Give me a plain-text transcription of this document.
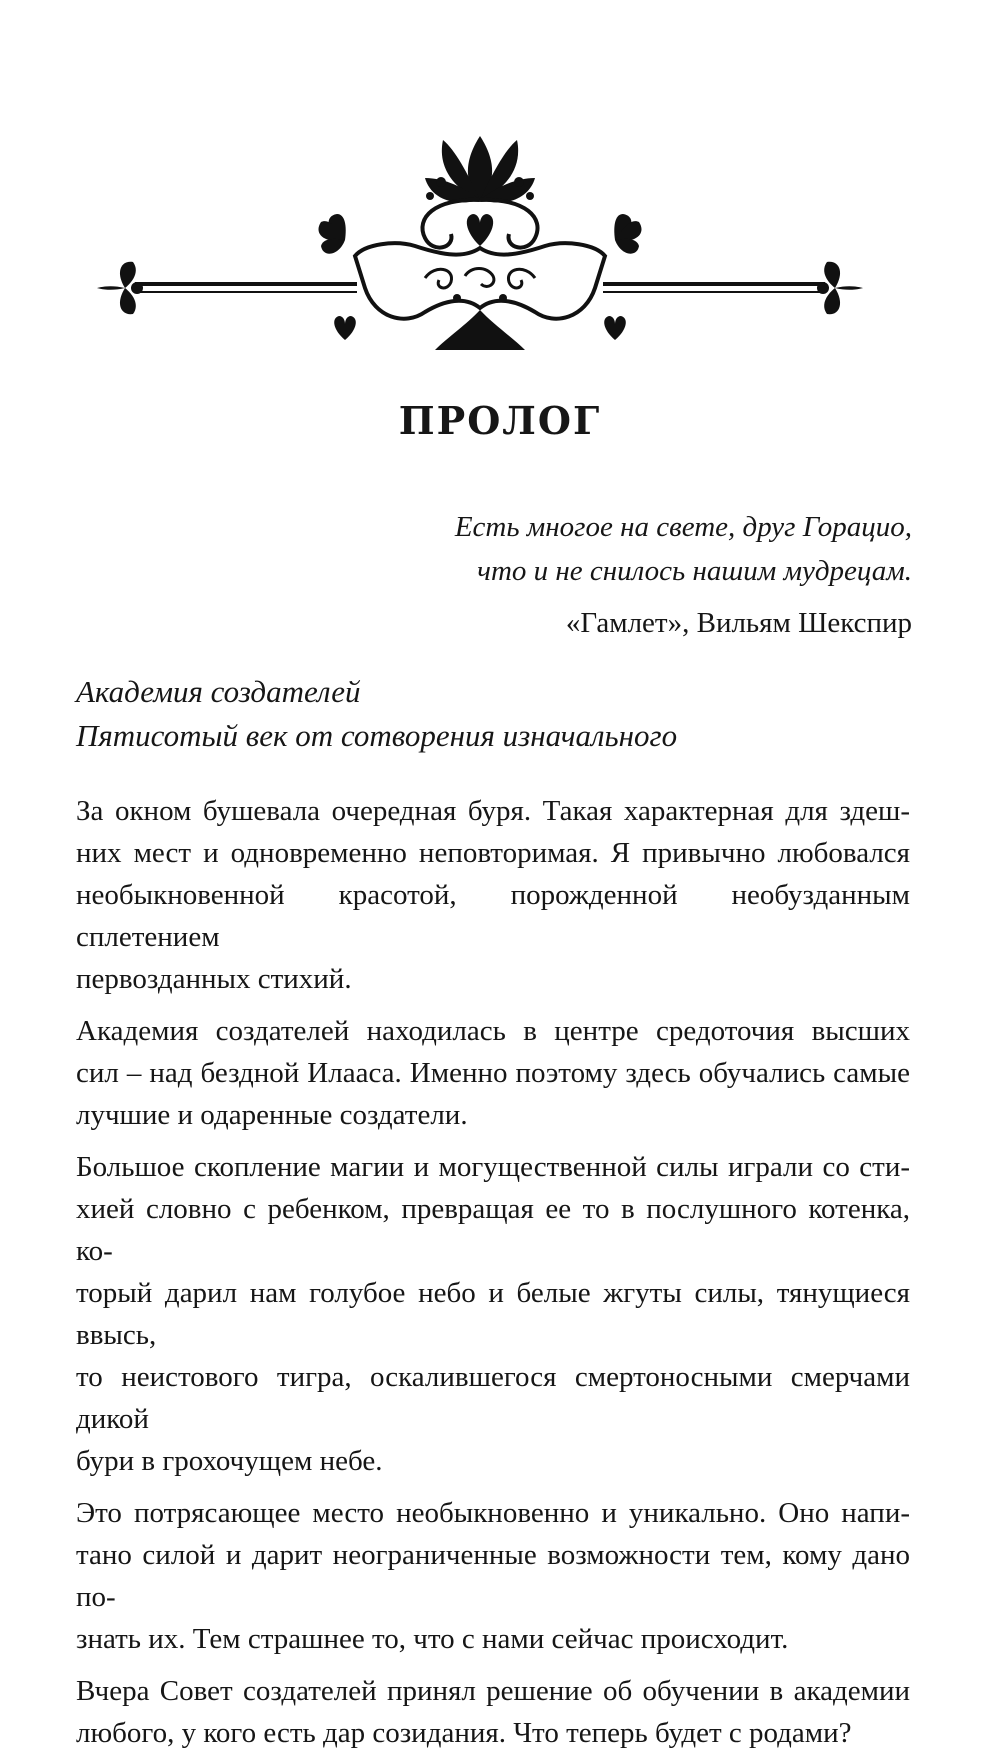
ПРОЛОГ
Есть многое на свете, друг Горацио,
что и не снилось нашим мудрецам.
«Гамлет», Вильям Шекспир
Академия создателей
Пятисотый век от сотворения изначального

За окном бушевала очередная буря. Такая характерная для здеш-
них мест и одновременно неповторимая. Я привычно любовался
необыкновенной красотой, порожденной необузданным сплетением
первозданных стихий.

Академия создателей находилась в центре средоточия высших
сил – над бездной Илааса. Именно поэтому здесь обучались самые
лучшие и одаренные создатели.

Большое скопление магии и могущественной силы играли со сти-
хией словно с ребенком, превращая ее то в послушного котенка, ко-
торый дарил нам голубое небо и белые жгуты силы, тянущиеся ввысь,
то неистового тигра, оскалившегося смертоносными смерчами дикой
бури в грохочущем небе.

Это потрясающее место необыкновенно и уникально. Оно напи-
тано силой и дарит неограниченные возможности тем, кому дано по-
знать их. Тем страшнее то, что с нами сейчас происходит.

Вчера Совет создателей принял решение об обучении в академии
любого, у кого есть дар созидания. Что теперь будет с родами?
